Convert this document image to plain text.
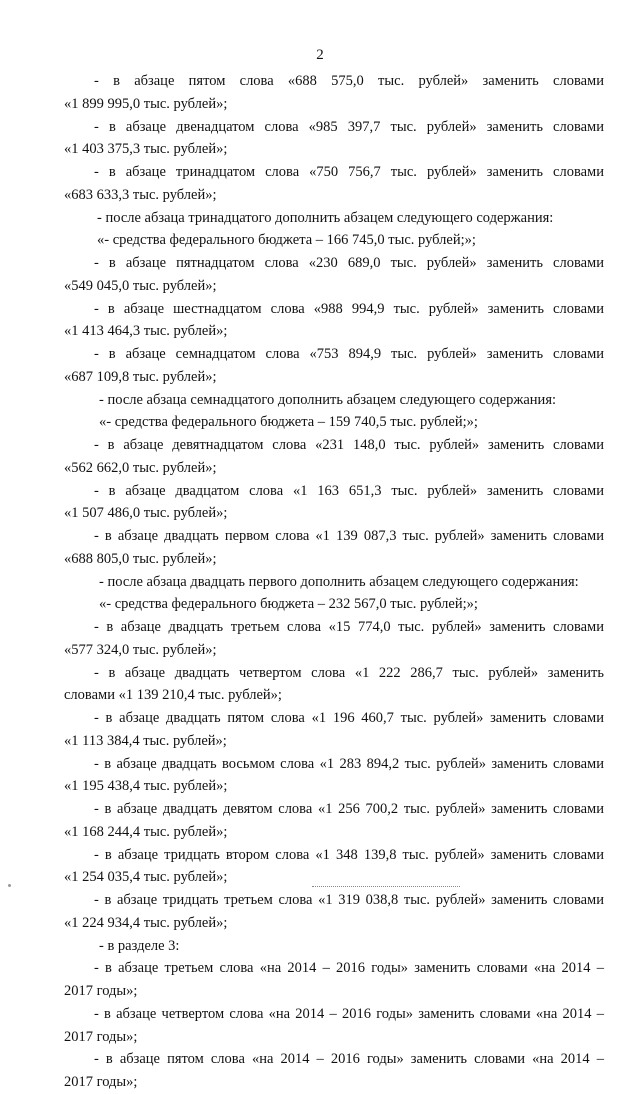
2
- в абзаце пятом слова «688 575,0 тыс. рублей» заменить словами
«1 899 995,0 тыс. рублей»;
- в абзаце двенадцатом слова «985 397,7 тыс. рублей» заменить словами
«1 403 375,3 тыс. рублей»;
- в абзаце тринадцатом слова «750 756,7 тыс. рублей» заменить словами
«683 633,3 тыс. рублей»;
- после абзаца тринадцатого дополнить абзацем следующего содержания:
«- средства федерального бюджета – 166 745,0 тыс. рублей;»;
- в абзаце пятнадцатом слова «230 689,0 тыс. рублей» заменить словами
«549 045,0 тыс. рублей»;
- в абзаце шестнадцатом слова «988 994,9 тыс. рублей» заменить словами
«1 413 464,3 тыс. рублей»;
- в абзаце семнадцатом слова «753 894,9 тыс. рублей» заменить словами
«687 109,8 тыс. рублей»;
- после абзаца семнадцатого дополнить абзацем следующего содержания:
«- средства федерального бюджета – 159 740,5 тыс. рублей;»;
- в абзаце девятнадцатом слова «231 148,0 тыс. рублей» заменить словами
«562 662,0 тыс. рублей»;
- в абзаце двадцатом слова «1 163 651,3 тыс. рублей» заменить словами
«1 507 486,0 тыс. рублей»;
- в абзаце двадцать первом слова «1 139 087,3 тыс. рублей» заменить словами
«688 805,0 тыс. рублей»;
- после абзаца двадцать первого дополнить абзацем следующего содержания:
«- средства федерального бюджета – 232 567,0 тыс. рублей;»;
- в абзаце двадцать третьем слова «15 774,0 тыс. рублей» заменить словами
«577 324,0 тыс. рублей»;
- в абзаце двадцать четвертом слова «1 222 286,7 тыс. рублей» заменить
словами «1 139 210,4 тыс. рублей»;
- в абзаце двадцать пятом слова «1 196 460,7 тыс. рублей» заменить словами
«1 113 384,4 тыс. рублей»;
- в абзаце двадцать восьмом слова «1 283 894,2 тыс. рублей» заменить словами
«1 195 438,4 тыс. рублей»;
- в абзаце двадцать девятом слова «1 256 700,2 тыс. рублей» заменить словами
«1 168 244,4 тыс. рублей»;
- в абзаце тридцать втором слова «1 348 139,8 тыс. рублей» заменить словами
«1 254 035,4 тыс. рублей»;
- в абзаце тридцать третьем слова «1 319 038,8 тыс. рублей» заменить словами
«1 224 934,4 тыс. рублей»;
- в разделе 3:
- в абзаце третьем слова «на 2014 – 2016 годы» заменить словами «на 2014 –
2017 годы»;
- в абзаце четвертом слова «на 2014 – 2016 годы» заменить словами «на 2014 –
2017 годы»;
- в абзаце пятом слова «на 2014 – 2016 годы» заменить словами «на 2014 –
2017 годы»;
